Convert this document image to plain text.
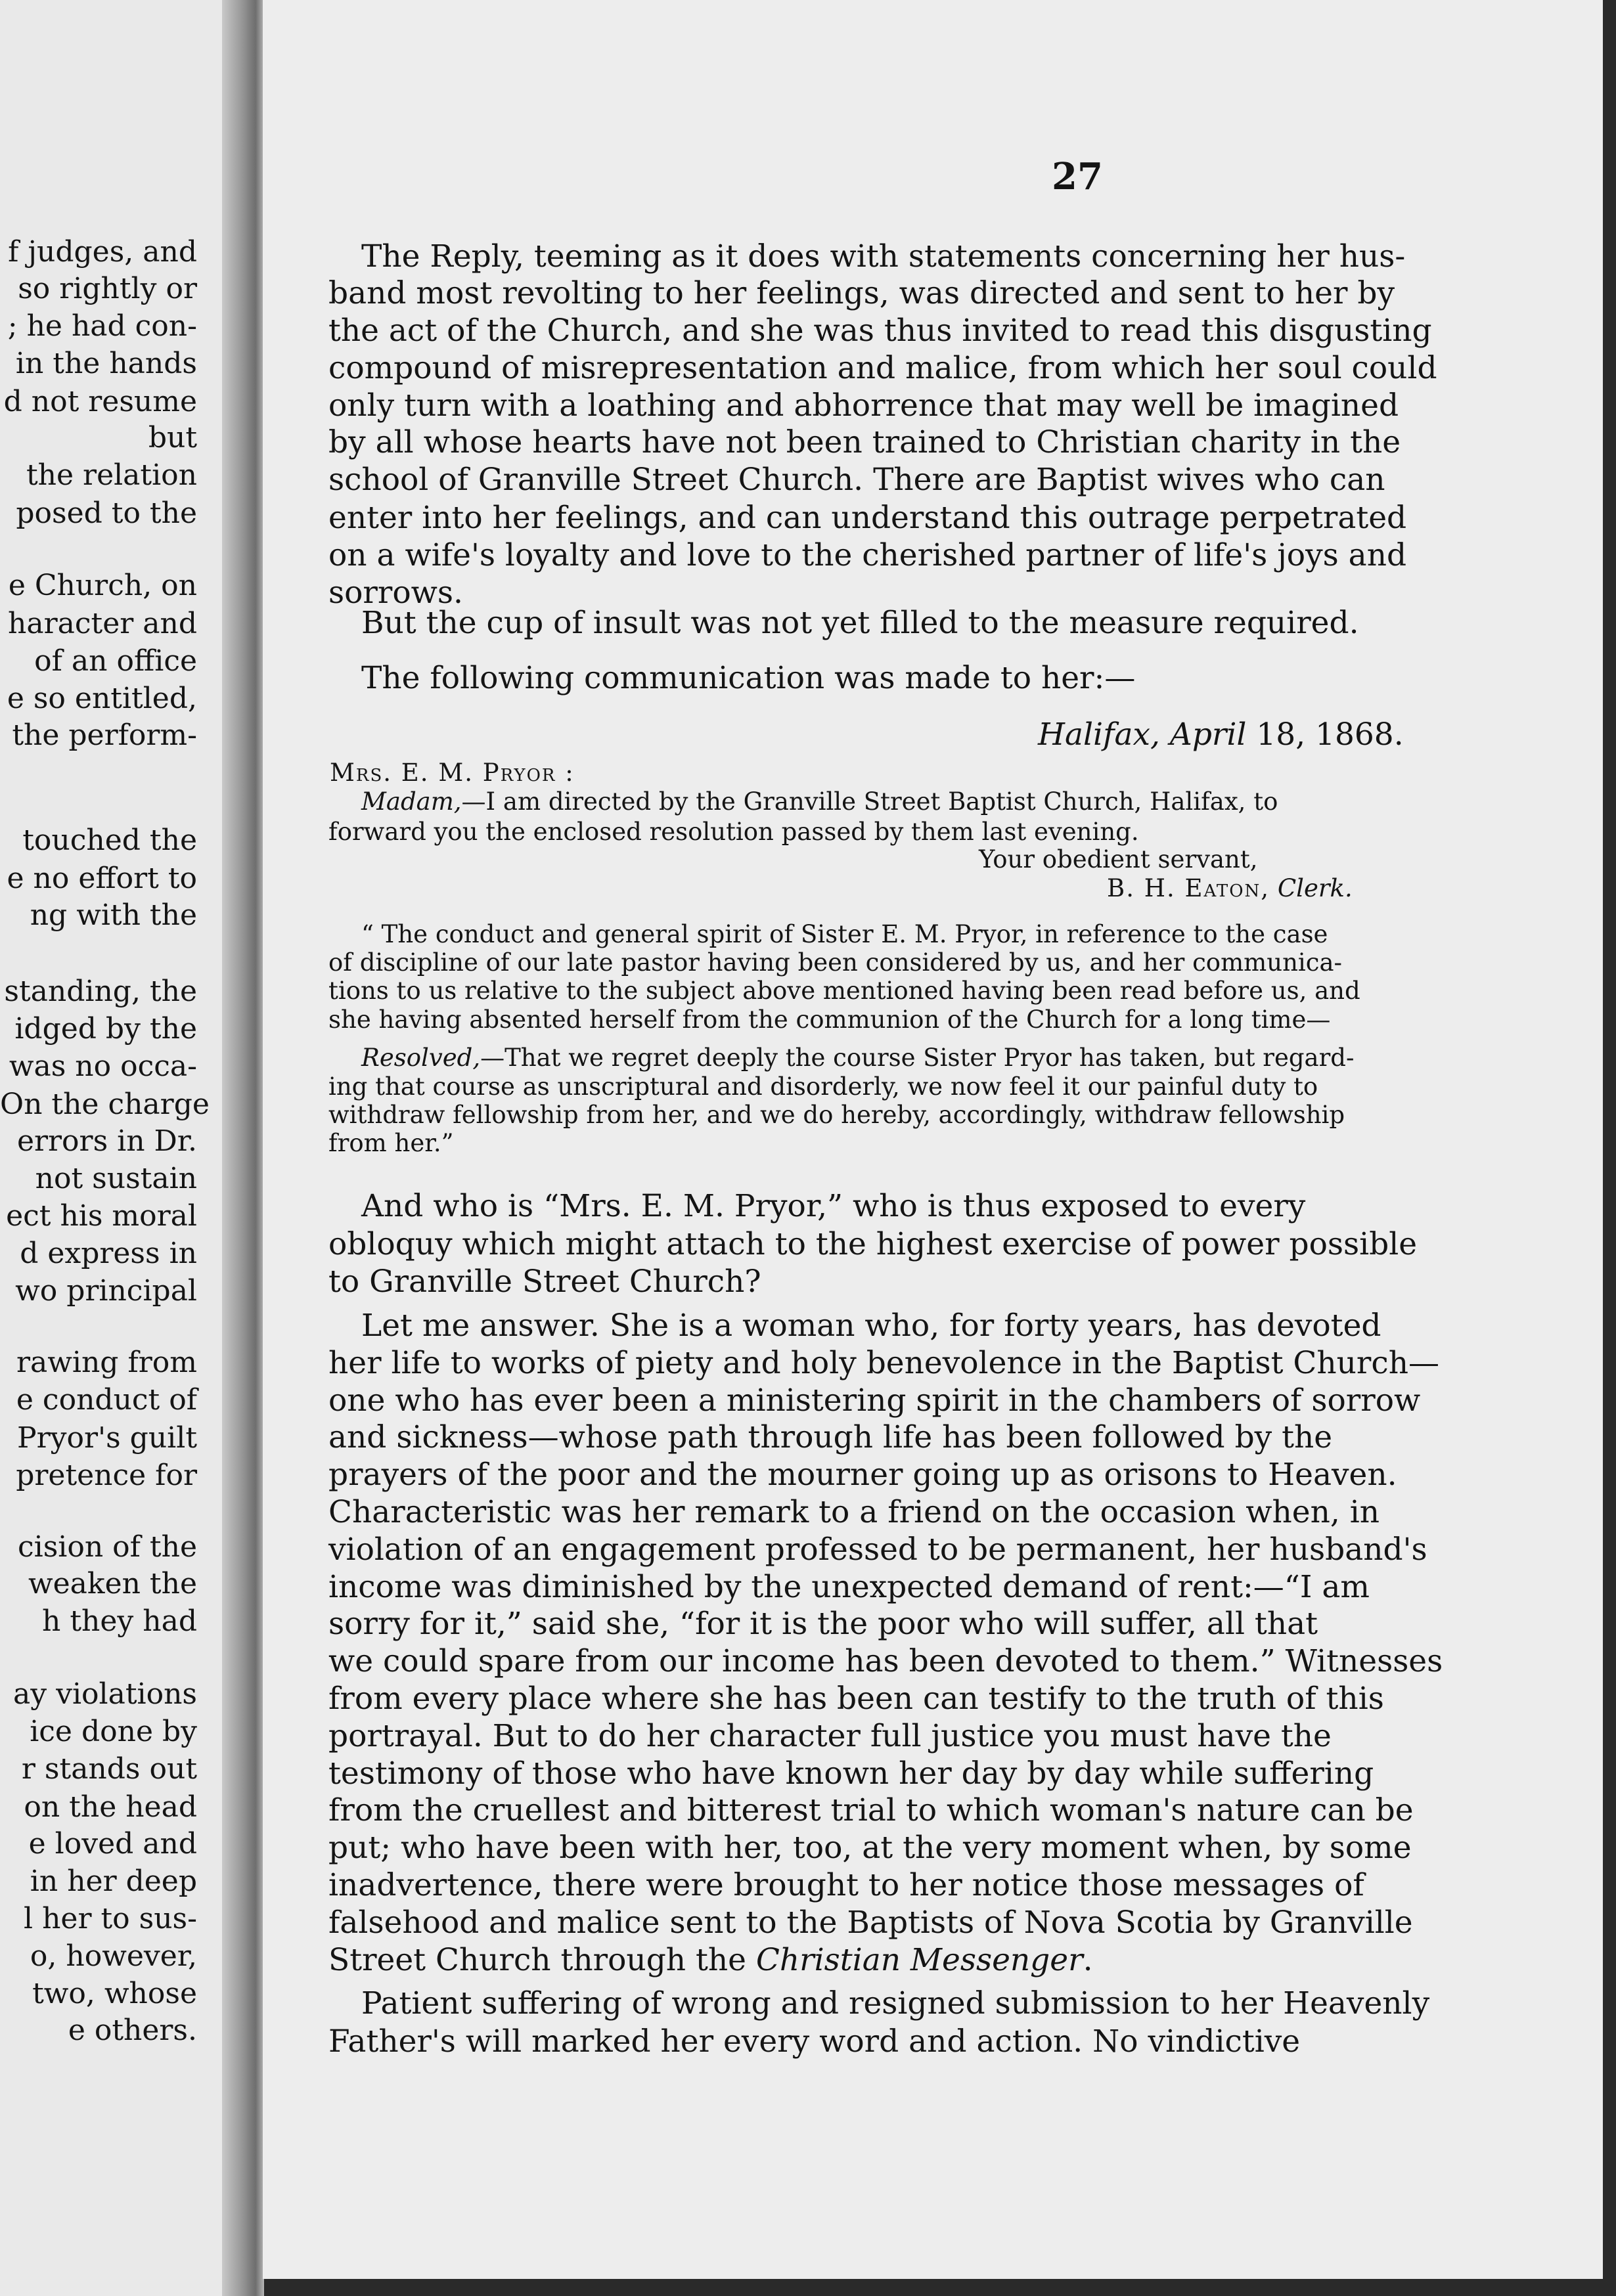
f judges, and
so rightly or
; he had con-
in the hands
d not resume
but
the relation
posed to the
e Church, on
haracter and
of an office
e so entitled,
the perform-
touched the
e no effort to
ng with the
standing, the
idged by the
was no occa-
On the charge
errors in Dr.
not sustain
ect his moral
d express in
wo principal
rawing from
e conduct of
Pryor's guilt
pretence for
cision of the
weaken the
h they had
ay violations
ice done by
r stands out
on the head
e loved and
in her deep
l her to sus-
o, however,
two, whose
e others.
27
The Reply, teeming as it does with statements concerning her hus-
band most revolting to her feelings, was directed and sent to her by
the act of the Church, and she was thus invited to read this disgusting
compound of misrepresentation and malice, from which her soul could
only turn with a loathing and abhorrence that may well be imagined
by all whose hearts have not been trained to Christian charity in the
school of Granville Street Church. There are Baptist wives who can
enter into her feelings, and can understand this outrage perpetrated
on a wife's loyalty and love to the cherished partner of life's joys and
sorrows.
But the cup of insult was not yet filled to the measure required.
The following communication was made to her:—
Halifax, April 18, 1868.
Mrs. E. M. Pryor :
Madam,—I am directed by the Granville Street Baptist Church, Halifax, to
forward you the enclosed resolution passed by them last evening.
Your obedient servant,
B. H. Eaton, Clerk.
“ The conduct and general spirit of Sister E. M. Pryor, in reference to the case
of discipline of our late pastor having been considered by us, and her communica-
tions to us relative to the subject above mentioned having been read before us, and
she having absented herself from the communion of the Church for a long time—
Resolved,—That we regret deeply the course Sister Pryor has taken, but regard-
ing that course as unscriptural and disorderly, we now feel it our painful duty to
withdraw fellowship from her, and we do hereby, accordingly, withdraw fellowship
from her.”
And who is “Mrs. E. M. Pryor,” who is thus exposed to every
obloquy which might attach to the highest exercise of power possible
to Granville Street Church?
Let me answer. She is a woman who, for forty years, has devoted
her life to works of piety and holy benevolence in the Baptist Church—
one who has ever been a ministering spirit in the chambers of sorrow
and sickness—whose path through life has been followed by the
prayers of the poor and the mourner going up as orisons to Heaven.
Characteristic was her remark to a friend on the occasion when, in
violation of an engagement professed to be permanent, her husband's
income was diminished by the unexpected demand of rent:—“I am
sorry for it,” said she, “for it is the poor who will suffer, all that
we could spare from our income has been devoted to them.” Witnesses
from every place where she has been can testify to the truth of this
portrayal. But to do her character full justice you must have the
testimony of those who have known her day by day while suffering
from the cruellest and bitterest trial to which woman's nature can be
put; who have been with her, too, at the very moment when, by some
inadvertence, there were brought to her notice those messages of
falsehood and malice sent to the Baptists of Nova Scotia by Granville
Street Church through the Christian Messenger.
Patient suffering of wrong and resigned submission to her Heavenly
Father's will marked her every word and action. No vindictive
